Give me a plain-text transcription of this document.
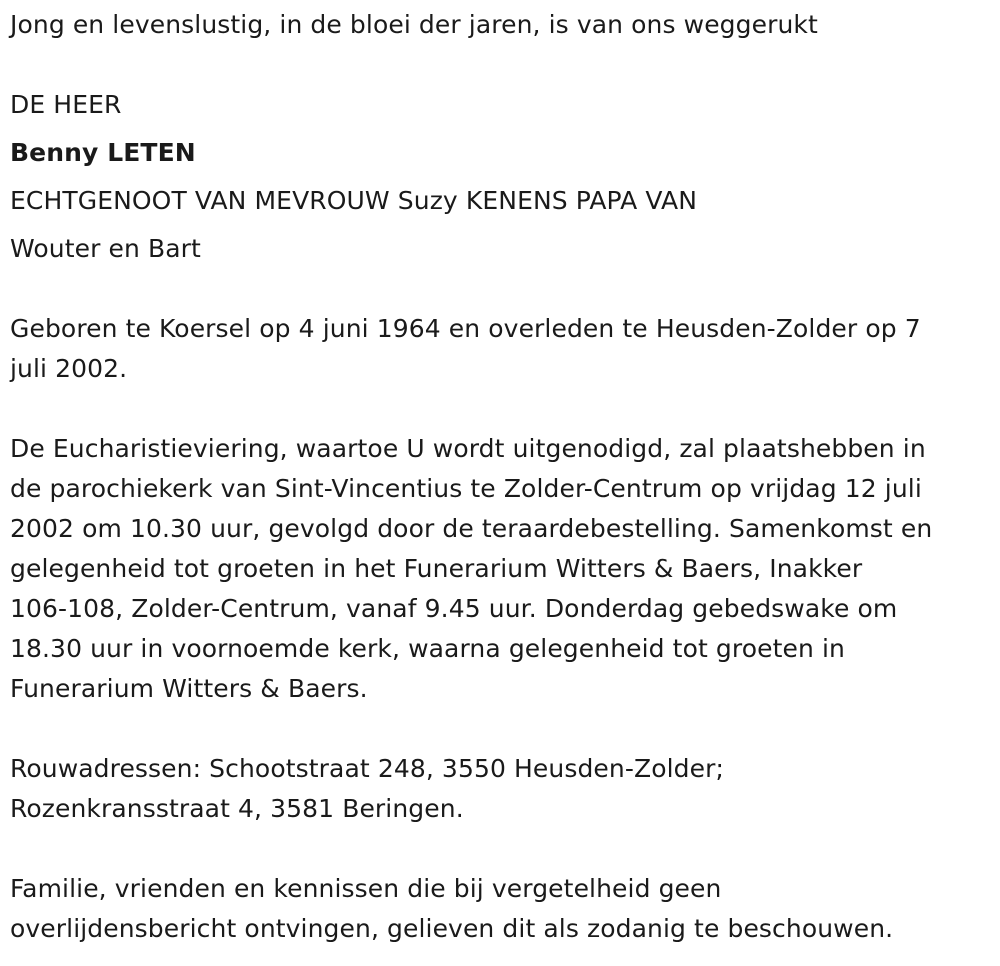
Jong en levenslustig, in de bloei der jaren, is van ons weggerukt
DE HEER
Benny LETEN
ECHTGENOOT VAN MEVROUW Suzy KENENS PAPA VAN
Wouter en Bart
Geboren te Koersel op 4 juni 1964 en overleden te Heusden-Zolder op 7
juli 2002.
De Eucharistieviering, waartoe U wordt uitgenodigd, zal plaatshebben in
de parochiekerk van Sint-Vincentius te Zolder-Centrum op vrijdag 12 juli
2002 om 10.30 uur, gevolgd door de teraardebestelling. Samenkomst en
gelegenheid tot groeten in het Funerarium Witters & Baers, Inakker
106-108, Zolder-Centrum, vanaf 9.45 uur. Donderdag gebedswake om
18.30 uur in voornoemde kerk, waarna gelegenheid tot groeten in
Funerarium Witters & Baers.
Rouwadressen: Schootstraat 248, 3550 Heusden-Zolder;
Rozenkransstraat 4, 3581 Beringen.
Familie, vrienden en kennissen die bij vergetelheid geen
overlijdensbericht ontvingen, gelieven dit als zodanig te beschouwen.
